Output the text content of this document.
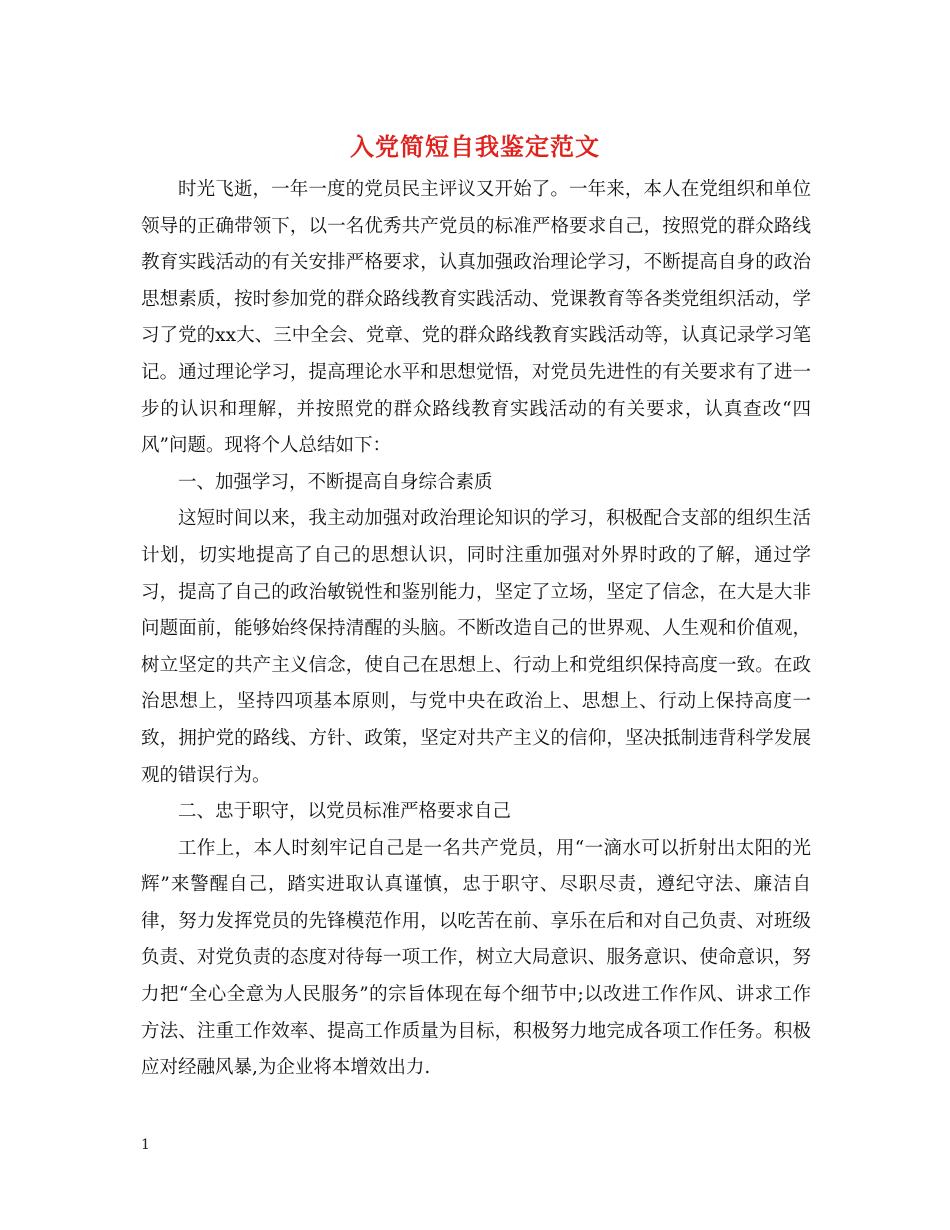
入党简短自我鉴定范文

时光飞逝，一年一度的党员民主评议又开始了。一年来，本人在党组织和单位领导的正确带领下，以一名优秀共产党员的标准严格要求自己，按照党的群众路线教育实践活动的有关安排严格要求，认真加强政治理论学习，不断提高自身的政治思想素质，按时参加党的群众路线教育实践活动、党课教育等各类党组织活动，学习了党的xx大、三中全会、党章、党的群众路线教育实践活动等，认真记录学习笔记。通过理论学习，提高理论水平和思想觉悟，对党员先进性的有关要求有了进一步的认识和理解，并按照党的群众路线教育实践活动的有关要求，认真查改“四风”问题。现将个人总结如下：

一、加强学习，不断提高自身综合素质

这短时间以来，我主动加强对政治理论知识的学习，积极配合支部的组织生活计划，切实地提高了自己的思想认识，同时注重加强对外界时政的了解，通过学习，提高了自己的政治敏锐性和鉴别能力，坚定了立场，坚定了信念，在大是大非问题面前，能够始终保持清醒的头脑。不断改造自己的世界观、人生观和价值观，树立坚定的共产主义信念，使自己在思想上、行动上和党组织保持高度一致。在政治思想上，坚持四项基本原则，与党中央在政治上、思想上、行动上保持高度一致，拥护党的路线、方针、政策，坚定对共产主义的信仰，坚决抵制违背科学发展观的错误行为。

二、忠于职守，以党员标准严格要求自己

工作上，本人时刻牢记自己是一名共产党员，用“一滴水可以折射出太阳的光辉”来警醒自己，踏实进取认真谨慎，忠于职守、尽职尽责，遵纪守法、廉洁自律，努力发挥党员的先锋模范作用，以吃苦在前、享乐在后和对自己负责、对班级负责、对党负责的态度对待每一项工作，树立大局意识、服务意识、使命意识，努力把“全心全意为人民服务”的宗旨体现在每个细节中;以改进工作作风、讲求工作方法、注重工作效率、提高工作质量为目标，积极努力地完成各项工作任务。积极应对经融风暴,为企业将本增效出力.

1
